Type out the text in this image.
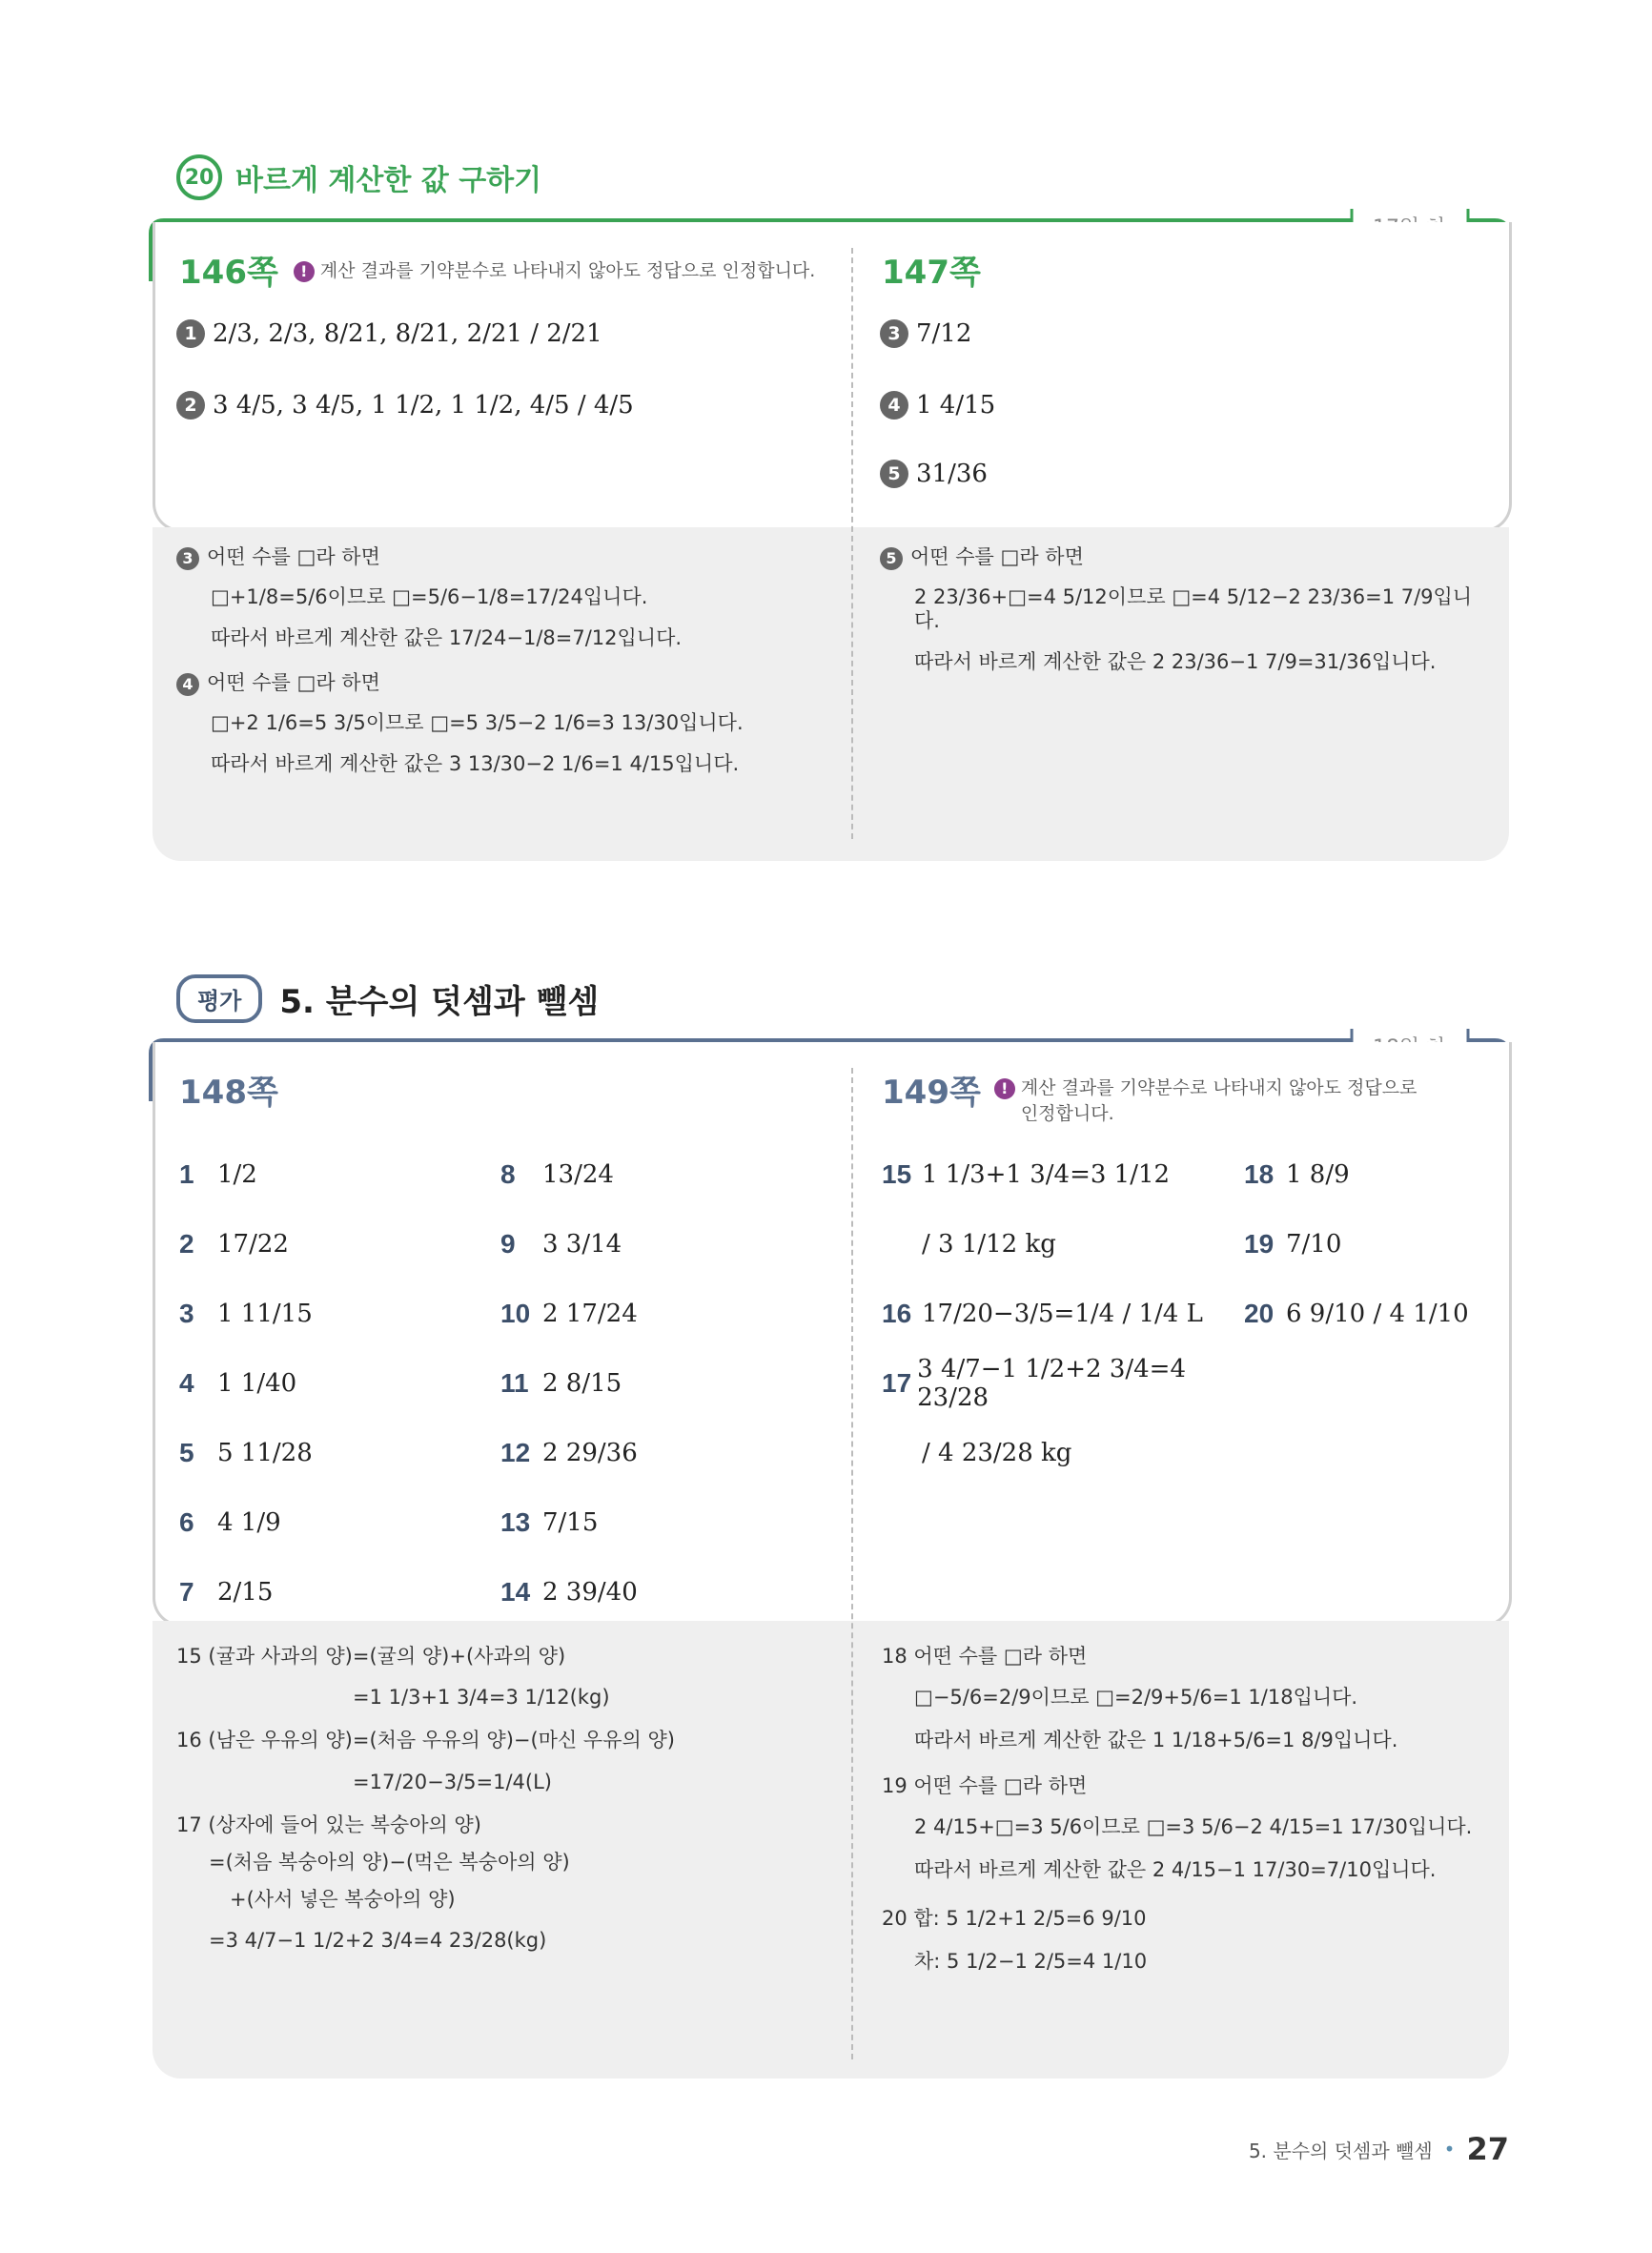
20 바르게 계산한 값 구하기
146쪽	! 계산 결과를 기약분수로 나타내지 않아도 정답으로 인정합니다.
1 2/3, 2/3, 8/21, 8/21, 2/21 / 2/21
2 3 4/5, 3 4/5, 1 1/2, 1 1/2, 4/5 / 4/5
147쪽
3 7/12
4 1 4/15
5 31/36
3 어떤 수를 □라 하면
□+1/8=5/6이므로 □=5/6−1/8=17/24입니다.
따라서 바르게 계산한 값은 17/24−1/8=7/12입니다.
4 어떤 수를 □라 하면
□+2 1/6=5 3/5이므로 □=5 3/5−2 1/6=3 13/30입니다.
따라서 바르게 계산한 값은 3 13/30−2 1/6=1 4/15입니다.
5 어떤 수를 □라 하면
2 23/36+□=4 5/12이므로 □=4 5/12−2 23/36=1 7/9입니다.
따라서 바르게 계산한 값은 2 23/36−1 7/9=31/36입니다.
평가	5. 분수의 덧셈과 뺄셈
148쪽
1 1/2
2 17/22
3 1 11/15
4 1 1/40
5 5 11/28
6 4 1/9
7 2/15
8	13/24
9	3 3/14
10 2 17/24
11 2 8/15
12 2 29/36
13 7/15
14 2 39/40
149쪽	! 계산 결과를 기약분수로 나타내지 않아도 정답으로
인정합니다.
15 1 1/3+1 3/4=3 1/12
/ 3 1/12 kg
16 17/20−3/5=1/4 / 1/4 L
17 3 4/7−1 1/2+2 3/4=4 23/28
/ 4 23/28 kg
18 1 8/9
19 7/10
20 6 9/10 / 4 1/10
15 (귤과 사과의 양)=(귤의 양)+(사과의 양)
=1 1/3+1 3/4=3 1/12(kg)
16 (남은 우유의 양)=(처음 우유의 양)−(마신 우유의 양)
=17/20−3/5=1/4(L)
17 (상자에 들어 있는 복숭아의 양)
=(처음 복숭아의 양)−(먹은 복숭아의 양)
+(사서 넣은 복숭아의 양)
=3 4/7−1 1/2+2 3/4=4 23/28(kg)
18 어떤 수를 □라 하면
□−5/6=2/9이므로 □=2/9+5/6=1 1/18입니다.
따라서 바르게 계산한 값은 1 1/18+5/6=1 8/9입니다.
19 어떤 수를 □라 하면
2 4/15+□=3 5/6이므로 □=3 5/6−2 4/15=1 17/30입니다.
따라서 바르게 계산한 값은 2 4/15−1 17/30=7/10입니다.
20 합: 5 1/2+1 2/5=6 9/10
차: 5 1/2−1 2/5=4 1/10
5. 분수의 덧셈과 뺄셈 • 27
